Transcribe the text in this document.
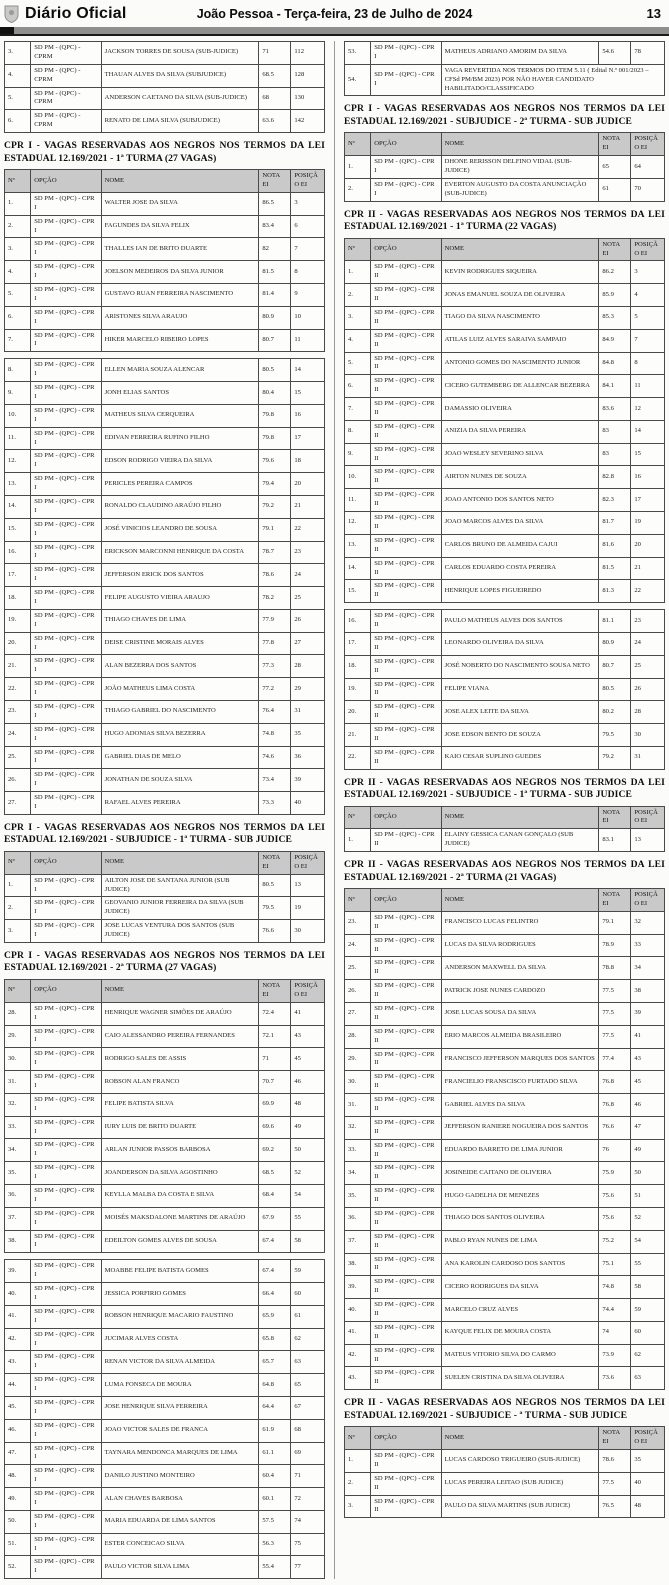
Diário Oficial	João Pessoa - Terça-feira, 23 de Julho de 2024	13
3.	SD PM - (QPC) - CPRM	JACKSON TORRES DE SOUSA (SUB-JUDICE)	71	112
4.	SD PM - (QPC) - CPRM	THAUAN ALVES DA SILVA (SUBJUDICE)	68.5	128
5.	SD PM - (QPC) - CPRM	ANDERSON CAETANO DA SILVA (SUB-JUDICE)	68	130
6.	SD PM - (QPC) - CPRM	RENATO DE LIMA SILVA (SUBJUDICE)	63.6	142
CPR I - VAGAS RESERVADAS AOS NEGROS NOS TERMOS DA LEI ESTADUAL 12.169/2021 - 1ª TURMA (27 VAGAS)
Nº	OPÇÃO	NOME	NOTA EI	POSIÇÃO EI
1.	SD PM - (QPC) - CPR I	WALTER JOSE DA SILVA	86.5	3
2.	SD PM - (QPC) - CPR I	FAGUNDES DA SILVA FELIX	83.4	6
3.	SD PM - (QPC) - CPR I	THALLES IAN DE BRITO DUARTE	82	7
4.	SD PM - (QPC) - CPR I	JOELSON MEDEIROS DA SILVA JUNIOR	81.5	8
5.	SD PM - (QPC) - CPR I	GUSTAVO RUAN FERREIRA NASCIMENTO	81.4	9
6.	SD PM - (QPC) - CPR I	ARISTONES SILVA ARAUJO	80.9	10
7.	SD PM - (QPC) - CPR I	HIKER MARCELO RIBEIRO LOPES	80.7	11
8.	SD PM - (QPC) - CPR I	ELLEN MARIA SOUZA ALENCAR	80.5	14
9.	SD PM - (QPC) - CPR I	JONH ELIAS SANTOS	80.4	15
10.	SD PM - (QPC) - CPR I	MATHEUS SILVA CERQUEIRA	79.8	16
11.	SD PM - (QPC) - CPR I	EDIVAN FERREIRA RUFINO FILHO	79.8	17
12.	SD PM - (QPC) - CPR I	EDSON RODRIGO VIEIRA DA SILVA	79.6	18
13.	SD PM - (QPC) - CPR I	PERICLES PEREIRA CAMPOS	79.4	20
14.	SD PM - (QPC) - CPR I	RONALDO CLAUDINO ARAÚJO FILHO	79.2	21
15.	SD PM - (QPC) - CPR I	JOSÉ VINICIOS LEANDRO DE SOUSA	79.1	22
16.	SD PM - (QPC) - CPR I	ERICKSON MARCONNI HENRIQUE DA COSTA	78.7	23
17.	SD PM - (QPC) - CPR I	JEFFERSON ERICK DOS SANTOS	78.6	24
18.	SD PM - (QPC) - CPR I	FELIPE AUGUSTO VIEIRA ARAUJO	78.2	25
19.	SD PM - (QPC) - CPR I	THIAGO CHAVES DE LIMA	77.9	26
20.	SD PM - (QPC) - CPR I	DEISE CRISTINE MORAIS ALVES	77.8	27
21.	SD PM - (QPC) - CPR I	ALAN BEZERRA DOS SANTOS	77.3	28
22.	SD PM - (QPC) - CPR I	JOÃO MATHEUS LIMA COSTA	77.2	29
23.	SD PM - (QPC) - CPR I	THIAGO GABRIEL DO NASCIMENTO	76.4	31
24.	SD PM - (QPC) - CPR I	HUGO ADONIAS SILVA BEZERRA	74.8	35
25.	SD PM - (QPC) - CPR I	GABRIEL DIAS DE MELO	74.6	36
26.	SD PM - (QPC) - CPR I	JONATHAN DE SOUZA SILVA	73.4	39
27.	SD PM - (QPC) - CPR I	RAFAEL ALVES PEREIRA	73.3	40
CPR I - VAGAS RESERVADAS AOS NEGROS NOS TERMOS DA LEI ESTADUAL 12.169/2021 - SUBJUDICE - 1ª TURMA - SUB JUDICE
Nº	OPÇÃO	NOME	NOTA EI	POSIÇÃO EI
1.	SD PM - (QPC) - CPR I	AILTON JOSE DE SANTANA JUNIOR (SUB JUDICE)	80.5	13
2.	SD PM - (QPC) - CPR I	GEOVANIO JUNIOR FERREIRA DA SILVA (SUB JUDICE)	79.5	19
3.	SD PM - (QPC) - CPR I	JOSE LUCAS VENTURA DOS SANTOS (SUB JUDICE)	76.6	30
CPR I - VAGAS RESERVADAS AOS NEGROS NOS TERMOS DA LEI ESTADUAL 12.169/2021 - 2ª TURMA (27 VAGAS)
Nº	OPÇÃO	NOME	NOTA EI	POSIÇÃO EI
28.	SD PM - (QPC) - CPR I	HENRIQUE WAGNER SIMÕES DE ARAÚJO	72.4	41
29.	SD PM - (QPC) - CPR I	CAIO ALESSANDRO PEREIRA FERNANDES	72.1	43
30.	SD PM - (QPC) - CPR I	RODRIGO SALES DE ASSIS	71	45
31.	SD PM - (QPC) - CPR I	ROBSON ALAN FRANCO	70.7	46
32.	SD PM - (QPC) - CPR I	FELIPE BATISTA SILVA	69.9	48
33.	SD PM - (QPC) - CPR I	IURY LUIS DE BRITO DUARTE	69.6	49
34.	SD PM - (QPC) - CPR I	ARLAN JUNIOR PASSOS BARBOSA	69.2	50
35.	SD PM - (QPC) - CPR I	JOANDERSON DA SILVA AGOSTINHO	68.5	52
36.	SD PM - (QPC) - CPR I	KEYLLA MALBA DA COSTA E SILVA	68.4	54
37.	SD PM - (QPC) - CPR I	MOISÉS MAKSDALONE MARTINS DE ARAÚJO	67.9	55
38.	SD PM - (QPC) - CPR I	EDEILTON GOMES ALVES DE SOUSA	67.4	58
39.	SD PM - (QPC) - CPR I	MOABBE FELIPE BATISTA GOMES	67.4	59
40.	SD PM - (QPC) - CPR I	JESSICA PORFIRIO GOMES	66.4	60
41.	SD PM - (QPC) - CPR I	ROBSON HENRIQUE MACARIO FAUSTINO	65.9	61
42.	SD PM - (QPC) - CPR I	JUCIMAR ALVES COSTA	65.8	62
43.	SD PM - (QPC) - CPR I	RENAN VICTOR DA SILVA ALMEIDA	65.7	63
44.	SD PM - (QPC) - CPR I	LUMA FONSECA DE MOURA	64.8	65
45.	SD PM - (QPC) - CPR I	JOSE HENRIQUE SILVA FERREIRA	64.4	67
46.	SD PM - (QPC) - CPR I	JOAO VICTOR SALES DE FRANCA	61.9	68
47.	SD PM - (QPC) - CPR I	TAYNARA MENDONCA MARQUES DE LIMA	61.1	69
48.	SD PM - (QPC) - CPR I	DANILO JUSTINO MONTEIRO	60.4	71
49.	SD PM - (QPC) - CPR I	ALAN CHAVES BARBOSA	60.1	72
50.	SD PM - (QPC) - CPR I	MARIA EDUARDA DE LIMA SANTOS	57.5	74
51.	SD PM - (QPC) - CPR I	ESTER CONCEICAO SILVA	56.3	75
52.	SD PM - (QPC) - CPR I	PAULO VICTOR SILVA LIMA	55.4	77
53.	SD PM - (QPC) - CPR I	MATHEUS ADRIANO AMORIM DA SILVA	54.6	78
54.	SD PM - (QPC) - CPR I	VAGA REVERTIDA NOS TERMOS DO ITEM 5.11 ( Edital N.º 001/2023 – CFSd PM/BM 2023) POR NÃO HAVER CANDIDATO HABILITADO/CLASSIFICADO		
CPR I - VAGAS RESERVADAS AOS NEGROS NOS TERMOS DA LEI ESTADUAL 12.169/2021 - SUBJUDICE - 2ª TURMA - SUB JUDICE
Nº	OPÇÃO	NOME	NOTA EI	POSIÇÃO EI
1.	SD PM - (QPC) - CPR I	DHONE RERISSON DELFINO VIDAL (SUB-JUDICE)	65	64
2.	SD PM - (QPC) - CPR I	EVERTON AUGUSTO DA COSTA ANUNCIAÇÃO (SUB-JUDICE)	61	70
CPR II - VAGAS RESERVADAS AOS NEGROS NOS TERMOS DA LEI ESTADUAL 12.169/2021 - 1ª TURMA (22 VAGAS)
Nº	OPÇÃO	NOME	NOTA EI	POSIÇÃO EI
1.	SD PM - (QPC) - CPR II	KEVIN RODRIGUES SIQUEIRA	86.2	3
2.	SD PM - (QPC) - CPR II	JONAS EMANUEL SOUZA DE OLIVEIRA	85.9	4
3.	SD PM - (QPC) - CPR II	TIAGO DA SILVA NASCIMENTO	85.3	5
4.	SD PM - (QPC) - CPR II	ATILAS LUIZ ALVES SARAIVA SAMPAIO	84.9	7
5.	SD PM - (QPC) - CPR II	ANTONIO GOMES DO NASCIMENTO JUNIOR	84.8	8
6.	SD PM - (QPC) - CPR II	CICERO GUTEMBERG DE ALLENCAR BEZERRA	84.1	11
7.	SD PM - (QPC) - CPR II	DAMASSIO OLIVEIRA	83.6	12
8.	SD PM - (QPC) - CPR II	ANIZIA DA SILVA PEREIRA	83	14
9.	SD PM - (QPC) - CPR II	JOAO WESLEY SEVERINO SILVA	83	15
10.	SD PM - (QPC) - CPR II	AIRTON NUNES DE SOUZA	82.8	16
11.	SD PM - (QPC) - CPR II	JOAO ANTONIO DOS SANTOS NETO	82.3	17
12.	SD PM - (QPC) - CPR II	JOAO MARCOS ALVES DA SILVA	81.7	19
13.	SD PM - (QPC) - CPR II	CARLOS BRUNO DE ALMEIDA CAJUI	81.6	20
14.	SD PM - (QPC) - CPR II	CARLOS EDUARDO COSTA PEREIRA	81.5	21
15.	SD PM - (QPC) - CPR II	HENRIQUE LOPES FIGUEIREDO	81.3	22
16.	SD PM - (QPC) - CPR II	PAULO MATHEUS ALVES DOS SANTOS	81.1	23
17.	SD PM - (QPC) - CPR II	LEONARDO OLIVEIRA DA SILVA	80.9	24
18.	SD PM - (QPC) - CPR II	JOSÉ NOBERTO DO NASCIMENTO SOUSA NETO	80.7	25
19.	SD PM - (QPC) - CPR II	FELIPE VIANA	80.5	26
20.	SD PM - (QPC) - CPR II	JOSE ALEX LEITE DA SILVA	80.2	28
21.	SD PM - (QPC) - CPR II	JOSE EDSON BENTO DE SOUZA	79.5	30
22.	SD PM - (QPC) - CPR II	KAIO CESAR SUPLINO GUEDES	79.2	31
CPR II - VAGAS RESERVADAS AOS NEGROS NOS TERMOS DA LEI ESTADUAL 12.169/2021 - SUBJUDICE - 1ª TURMA - SUB JUDICE
Nº	OPÇÃO	NOME	NOTA EI	POSIÇÃO EI
1.	SD PM - (QPC) - CPR II	ELAINY GESSICA CANAN GONÇALO (SUB JUDICE)	83.1	13
CPR II - VAGAS RESERVADAS AOS NEGROS NOS TERMOS DA LEI ESTADUAL 12.169/2021 - 2ª TURMA (21 VAGAS)
Nº	OPÇÃO	NOME	NOTA EI	POSIÇÃO EI
23.	SD PM - (QPC) - CPR II	FRANCISCO LUCAS FELINTRO	79.1	32
24.	SD PM - (QPC) - CPR II	LUCAS DA SILVA RODRIGUES	78.9	33
25.	SD PM - (QPC) - CPR II	ANDERSON MAXWELL DA SILVA	78.8	34
26.	SD PM - (QPC) - CPR II	PATRICK JOSE NUNES CARDOZO	77.5	38
27.	SD PM - (QPC) - CPR II	JOSE LUCAS SOUSA DA SILVA	77.5	39
28.	SD PM - (QPC) - CPR II	ERIO MARCOS ALMEIDA BRASILEIRO	77.5	41
29.	SD PM - (QPC) - CPR II	FRANCISCO JEFFERSON MARQUES DOS SANTOS	77.4	43
30.	SD PM - (QPC) - CPR II	FRANCIELIO FRANSCISCO FURTADO SILVA	76.8	45
31.	SD PM - (QPC) - CPR II	GABRIEL ALVES DA SILVA	76.8	46
32.	SD PM - (QPC) - CPR II	JEFFERSON RANIERE NOGUEIRA DOS SANTOS	76.6	47
33.	SD PM - (QPC) - CPR II	EDUARDO BARRETO DE LIMA JUNIOR	76	49
34.	SD PM - (QPC) - CPR II	JOSINEIDE CAITANO DE OLIVEIRA	75.9	50
35.	SD PM - (QPC) - CPR II	HUGO GADELHA DE MENEZES	75.6	51
36.	SD PM - (QPC) - CPR II	THIAGO DOS SANTOS OLIVEIRA	75.6	52
37.	SD PM - (QPC) - CPR II	PABLO RYAN NUNES DE LIMA	75.2	54
38.	SD PM - (QPC) - CPR II	ANA KAROLIN CARDOSO DOS SANTOS	75.1	55
39.	SD PM - (QPC) - CPR II	CICERO RODRIGUES DA SILVA	74.8	58
40.	SD PM - (QPC) - CPR II	MARCELO CRUZ ALVES	74.4	59
41.	SD PM - (QPC) - CPR II	KAYQUE FELIX DE MOURA COSTA	74	60
42.	SD PM - (QPC) - CPR II	MATEUS VITORIO SILVA DO CARMO	73.9	62
43.	SD PM - (QPC) - CPR II	SUELEN CRISTINA DA SILVA OLIVEIRA	73.6	63
CPR II - VAGAS RESERVADAS AOS NEGROS NOS TERMOS DA LEI ESTADUAL 12.169/2021 - SUBJUDICE - ª TURMA - SUB JUDICE
Nº	OPÇÃO	NOME	NOTA EI	POSIÇÃO EI
1.	SD PM - (QPC) - CPR II	LUCAS CARDOSO TRIGUEIRO (SUB-JUDICE)	78.6	35
2.	SD PM - (QPC) - CPR II	LUCAS PEREIRA LEITAO (SUB JUDICE)	77.5	40
3.	SD PM - (QPC) - CPR II	PAULO DA SILVA MARTINS (SUB JUDICE)	76.5	48
